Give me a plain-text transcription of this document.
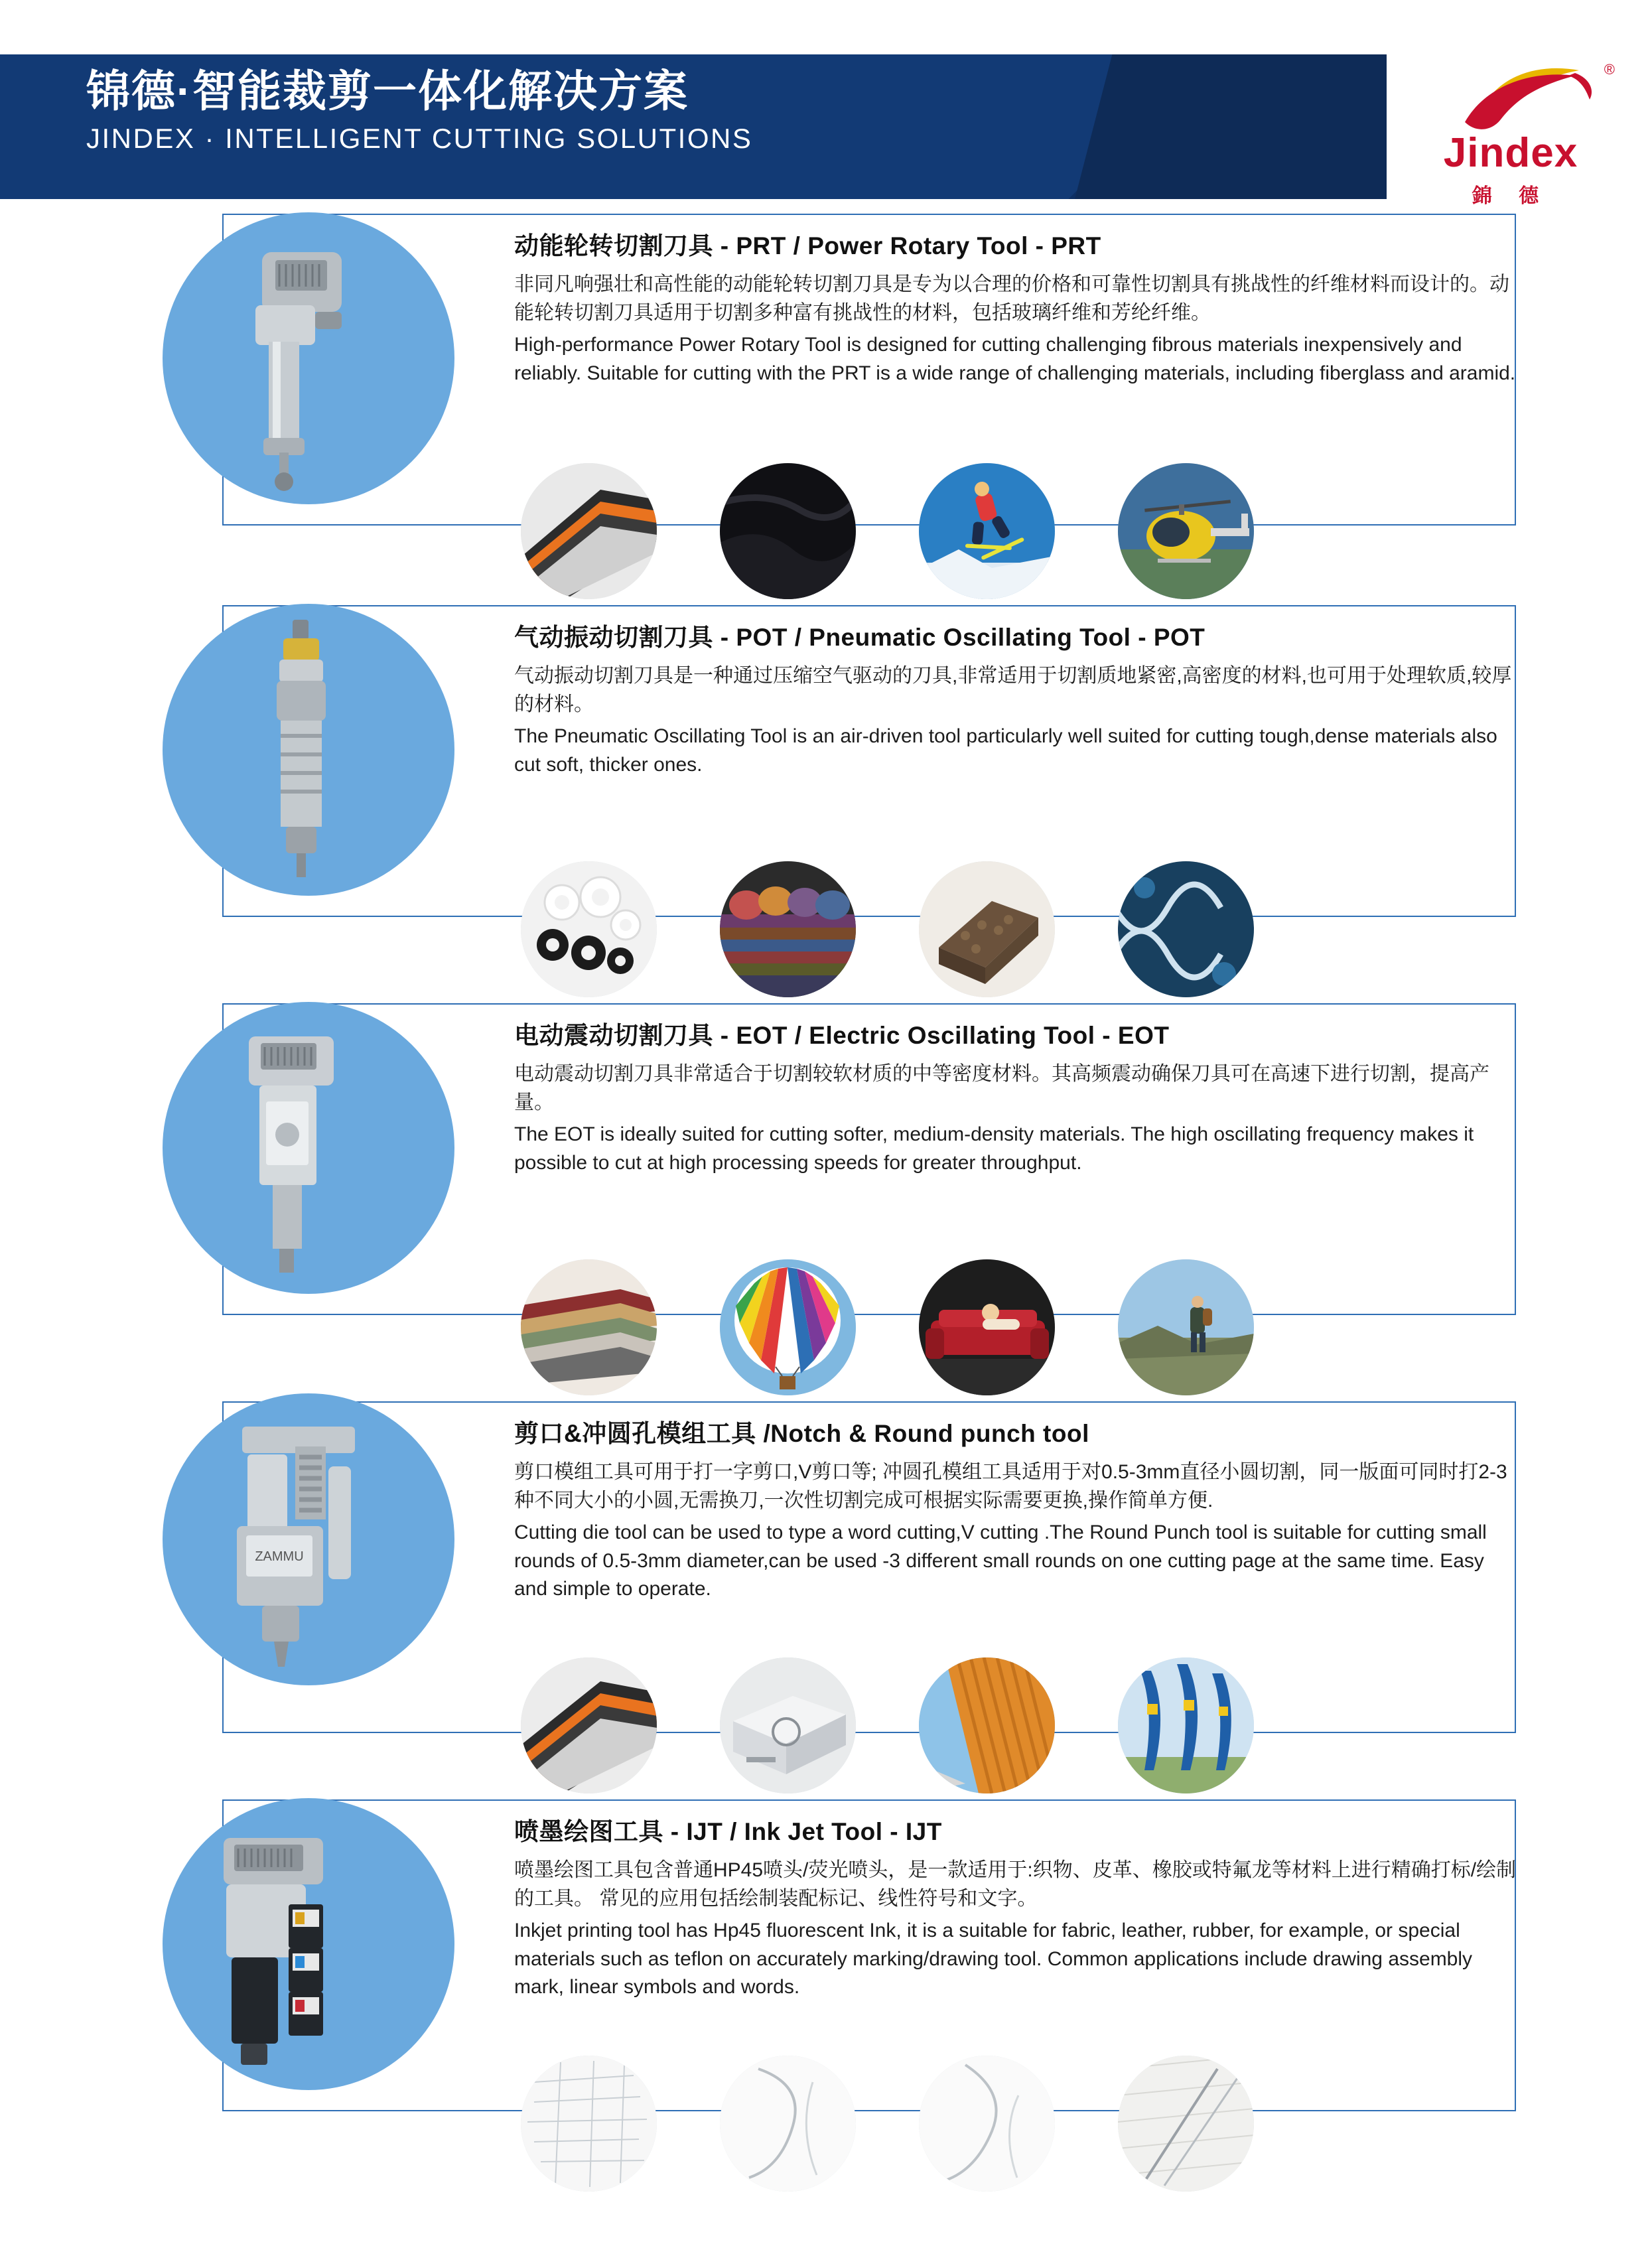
锦德·智能裁剪一体化解决方案
JINDEX · INTELLIGENT CUTTING SOLUTIONS
®
Jindex
錦 德
动能轮转切割刀具 - PRT / Power Rotary Tool - PRT

非同凡响强壮和高性能的动能轮转切割刀具是专为以合理的价格和可靠性切割具有挑战性的纤维材料而设计的。动能轮转切割刀具适用于切割多种富有挑战性的材料，包括玻璃纤维和芳纶纤维。

High-performance Power Rotary Tool is designed for cutting challenging fibrous materials inexpensively and reliably. Suitable for cutting with the PRT is a wide range of challenging materials, including fiberglass and aramid.

气动振动切割刀具 - POT / Pneumatic Oscillating Tool - POT

气动振动切割刀具是一种通过压缩空气驱动的刀具,非常适用于切割质地紧密,高密度的材料,也可用于处理软质,较厚的材料。

The Pneumatic Oscillating Tool is an air-driven tool particularly well suited for cutting tough,dense materials also cut soft, thicker ones.

电动震动切割刀具 - EOT / Electric Oscillating Tool - EOT

电动震动切割刀具非常适合于切割较软材质的中等密度材料。其高频震动确保刀具可在高速下进行切割，提高产量。

The EOT is ideally suited for cutting softer, medium-density materials. The high oscillating frequency makes it possible to cut at high processing speeds for greater throughput.

ZAMMU
剪口&冲圆孔模组工具 /Notch & Round punch tool

剪口模组工具可用于打一字剪口,V剪口等; 冲圆孔模组工具适用于对0.5-3mm直径小圆切割，同一版面可同时打2-3种不同大小的小圆,无需换刀,一次性切割完成可根据实际需要更换,操作简单方便.

Cutting die tool can be used to type a word cutting,V cutting .The Round Punch tool is suitable for cutting small rounds of 0.5-3mm diameter,can be used -3 different small rounds on one cutting page at the same time. Easy and simple to operate.

喷墨绘图工具 - IJT / Ink Jet Tool - IJT

喷墨绘图工具包含普通HP45喷头/荧光喷头，是一款适用于:织物、皮革、橡胶或特氟龙等材料上进行精确打标/绘制的工具。 常见的应用包括绘制装配标记、线性符号和文字。

Inkjet printing tool has Hp45 fluorescent Ink, it is a suitable for fabric, leather, rubber, for example, or special materials such as teflon on accurately marking/drawing tool. Common applications include drawing assembly mark, linear symbols and words.
